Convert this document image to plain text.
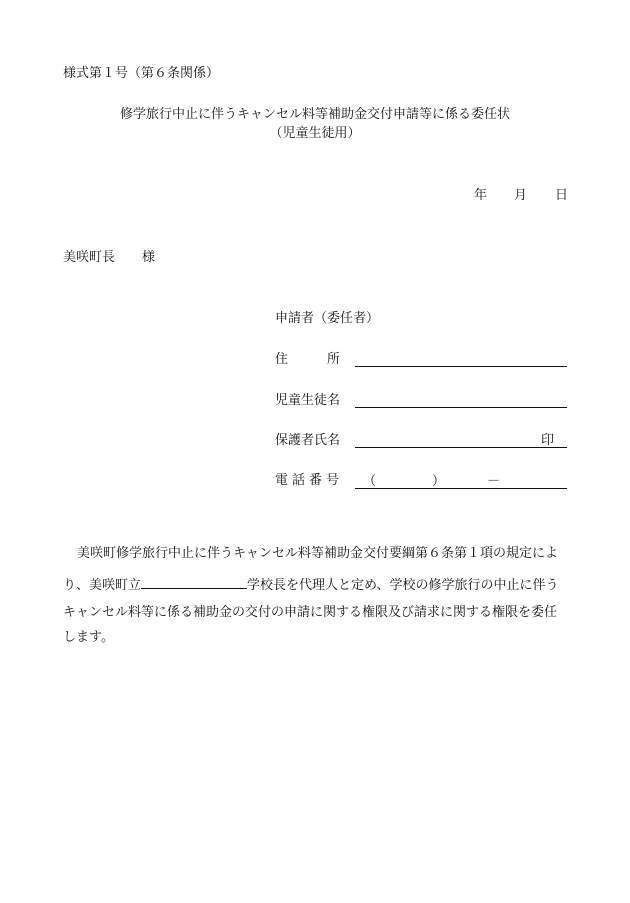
様式第１号（第６条関係）
修学旅行中止に伴うキャンセル料等補助金交付申請等に係る委任状
（児童生徒用）
年 月 日
美咲町長 様
申請者（委任者）
住	所
児童生徒名
保護者氏名	印
電話番号 （	）	－
美咲町修学旅行中止に伴うキャンセル料等補助金交付要綱第６条第１項の規定によ
り、美咲町立	学校長を代理人と定め、学校の修学旅行の中止に伴う
キャンセル料等に係る補助金の交付の申請に関する権限及び請求に関する権限を委任
します。
